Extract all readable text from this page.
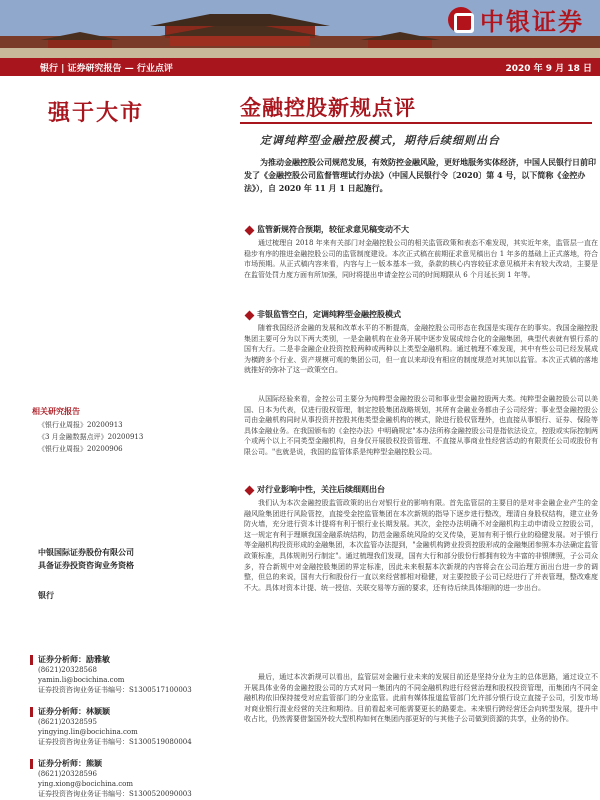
中银证券
银行 | 证券研究报告 — 行业点评	2020 年 9 月 18 日
强于大市
相关研究报告
《银行业周报》20200913
《3 月金融数据点评》20200913
《银行业周报》20200906
中银国际证券股份有限公司
具备证券投资咨询业务资格
银行
证券分析师：励雅敏
(8621)20328568
yamin.li@bocichina.com
证券投资咨询业务证书编号：S1300517100003
证券分析师：林颖颖
(8621)20328595
yingying.lin@bocichina.com
证券投资咨询业务证书编号：S1300519080004
证券分析师：熊颖
(8621)20328596
ying.xiong@bocichina.com
证券投资咨询业务证书编号：S1300520090003
金融控股新规点评
定调纯粹型金融控股模式，期待后续细则出台
为推动金融控股公司规范发展，有效防控金融风险，更好地服务实体经济，中国人民银行日前印发了《金融控股公司监督管理试行办法》（中国人民银行令〔2020〕第 4 号，以下简称《金控办法》），自 2020 年 11 月 1 日起施行。
监管新规符合预期，较征求意见稿变动不大
通过梳理自 2018 年来有关部门对金融控股公司的相关监管政策和表态不难发现，其实近年来，监管层一直在稳步有序的推进金融控股公司的监管制度建设。本次正式稿在前期征求意见稿出台 1 年多的基础上正式落地，符合市场预期。从正式稿内容来看，内容与上一版本基本一致，条款的核心内容较征求意见稿并未有较大改动，主要是在监管处罚力度方面有所加强，同时将提出申请金控公司的时间期限从 6 个月延长到 1 年等。
非银监管空白，定调纯粹型金融控股模式
随着我国经济金融的发展和改革水平的不断提高，金融控股公司形态在我国是实现存在的事实。我国金融控股集团主要可分为以下两大类别，一是金融机构在业务开展中逐步发展成综合化的金融集团，典型代表就有银行系的国有大行。二是非金融企业投资控股两种或两种以上类型金融机构。通过梳理不难发现，其中有些公司已经发展成为横跨多个行业、资产规模可观的集团公司，但一直以来却没有相应的制度规范对其加以监管。本次正式稿的落地就推好的弥补了这一政策空白。
从国际经验来看，金控公司主要分为纯粹型金融控股公司和事业型金融控股两大类。纯粹型金融控股公司以美国、日本为代表，仅进行股权管理，制定控股集团战略规划，其所有金融业务都由子公司经营；事业型金融控股公司由金融机构同时从事投资并控股其他类型金融机构的模式，除进行股权管理外，也直接从事银行、证券、保险等具体金融业务。在我国颁布的《金控办法》中明确规定"本办法所称金融控股公司是指依法设立，控股或实际控制两个或两个以上不同类型金融机构，自身仅开展股权投资管理、不直接从事商业性经营活动的有限责任公司或股份有限公司。"也就是说，我国的监管体系是纯粹型金融控股公司。
对行业影响中性，关注后续细则出台
我们认为本次金融控股监管政策的出台对银行业的影响有限。首先监管层的主要目的是对非金融企业产生的金融风险集团进行风险管控，直接受金控监管集团在本次新规的指导下逐步进行整改，理清自身股权结构，建立业务防火墙，充分进行资本计提将有利于银行业长期发展。其次，金控办法明确不对金融机构主动申请设立控股公司，这一规定有利于理顺我国金融系统结构，防范金融系统风险的交叉传染，更加有利于银行业的稳健发展。对于银行等金融机构投资形成的金融集团，本次监管办法提到，"金融机构跨业投资控股形成的金融集团参照本办法确定监管政策标准，具体规则另行制定"。通过梳理我们发现，国有大行和部分股份行都拥有较为丰富的非银牌照，子公司众多，符合新规中对金融控股集团的界定标准，因此未来根据本次新规的内容将会在公司治理方面出台进一步的调整，但总的来说，国有大行和股份行一直以来经营都相对稳健，对主要控股子公司已经进行了并表管理，整改难度不大。具体对资本计提、统一授信、关联交易等方面的要求，还有待后续具体细则的进一步出台。
最后，通过本次新规可以看出，监管层对金融行业未来的发展目前还是坚持分业为主的总体思路，通过设立不开展具体业务的金融控股公司的方式对同一集团内的不同金融机构进行经营治理和股权投资管理，而集团内不同金融机构依旧保持接受对应监管部门的分业监管。此前有媒体报道监管部门允许部分银行设立直接子公司，引发市场对商业银行混业经营的关注和期待。目前看起来可能需要更长的路要走。未来银行跨经营还会向转型发展，提升中收占比，仍然需要借鉴国外较大型机构如何在集团内部更好的与其他子公司做到资源的共享，业务的协作。
